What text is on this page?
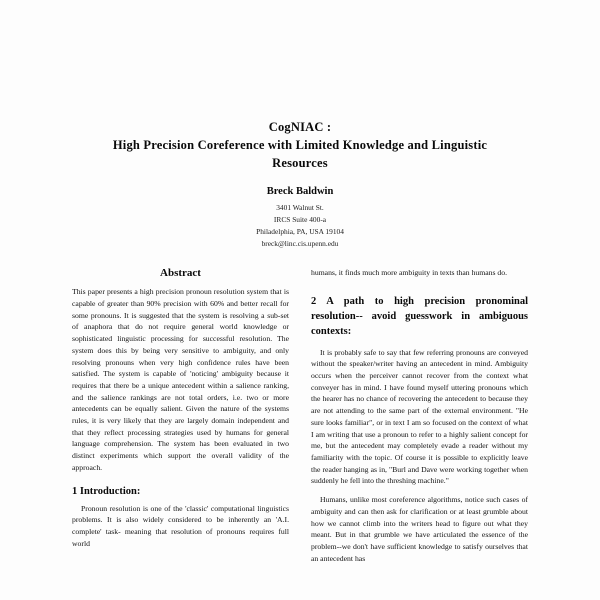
CogNIAC :
High Precision Coreference with Limited Knowledge and Linguistic
Resources
Breck Baldwin
3401 Walnut St.
IRCS Suite 400-a
Philadelphia, PA, USA 19104
breck@linc.cis.upenn.edu
Abstract

This paper presents a high precision pronoun resolution system that is capable of greater than 90% precision with 60% and better recall for some pronouns. It is suggested that the system is resolving a sub-set of anaphora that do not require general world knowledge or sophisticated linguistic processing for successful resolution. The system does this by being very sensitive to ambiguity, and only resolving pronouns when very high confidence rules have been satisfied. The system is capable of 'noticing' ambiguity because it requires that there be a unique antecedent within a salience ranking, and the salience rankings are not total orders, i.e. two or more antecedents can be equally salient. Given the nature of the systems rules, it is very likely that they are largely domain independent and that they reflect processing strategies used by humans for general language comprehension. The system has been evaluated in two distinct experiments which support the overall validity of the approach.

1 Introduction:

Pronoun resolution is one of the 'classic' computational linguistics problems. It is also widely considered to be inherently an 'A.I. complete' task- meaning that resolution of pronouns requires full world

humans, it finds much more ambiguity in texts than humans do.

2 A path to high precision pronominal resolution-- avoid guesswork in ambiguous contexts:

It is probably safe to say that few referring pronouns are conveyed without the speaker/writer having an antecedent in mind. Ambiguity occurs when the perceiver cannot recover from the context what conveyer has in mind. I have found myself uttering pronouns which the hearer has no chance of recovering the antecedent to because they are not attending to the same part of the external environment. "He sure looks familiar", or in text I am so focused on the context of what I am writing that use a pronoun to refer to a highly salient concept for me, but the antecedent may completely evade a reader without my familiarity with the topic. Of course it is possible to explicitly leave the reader hanging as in, "Burl and Dave were working together when suddenly he fell into the threshing machine."

Humans, unlike most coreference algorithms, notice such cases of ambiguity and can then ask for clarification or at least grumble about how we cannot climb into the writers head to figure out what they meant. But in that grumble we have articulated the essence of the problem--we don't have sufficient knowledge to satisfy ourselves that an antecedent has
